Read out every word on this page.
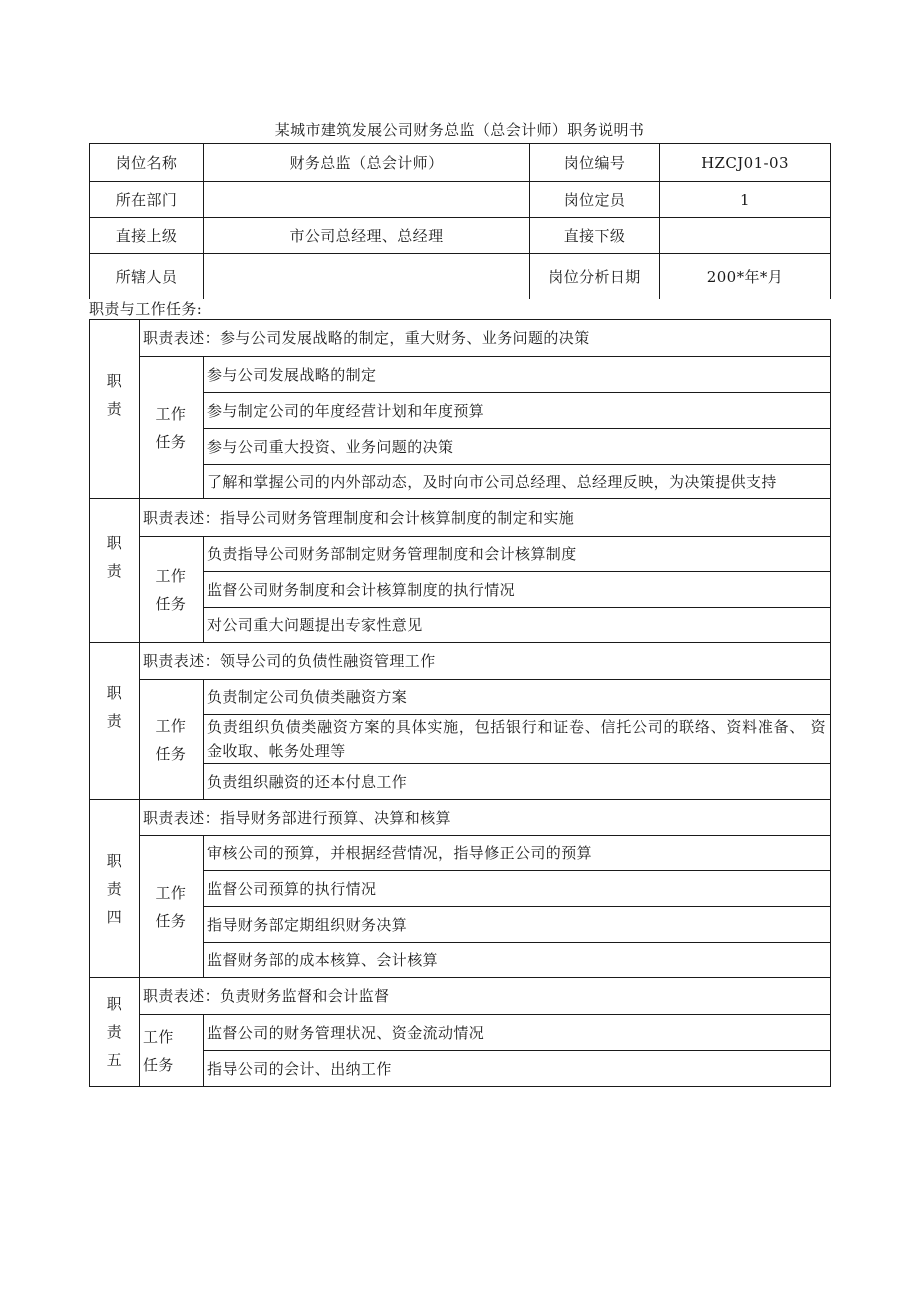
某城市建筑发展公司财务总监（总会计师）职务说明书
岗位名称	财务总监（总会计师）	岗位编号	HZCJ01-03
所在部门		岗位定员	1
直接上级	市公司总经理、总经理	直接下级	
所辖人员		岗位分析日期	200*年*月
职责与工作任务:
职责	职责表述：参与公司发展战略的制定，重大财务、业务问题的决策	
	工作任务	参与公司发展战略的制定
		参与制定公司的年度经营计划和年度预算
		参与公司重大投资、业务问题的决策
		了解和掌握公司的内外部动态，及时向市公司总经理、总经理反映，为决策提供支持
职责	职责表述：指导公司财务管理制度和会计核算制度的制定和实施	
	工作任务	负责指导公司财务部制定财务管理制度和会计核算制度
		监督公司财务制度和会计核算制度的执行情况
		对公司重大问题提出专家性意见
职责	职责表述：领导公司的负债性融资管理工作	
	工作任务	负责制定公司负债类融资方案
		负责组织负债类融资方案的具体实施，包括银行和证卷、信托公司的联络、资料准备、 资金收取、帐务处理等
		负责组织融资的还本付息工作
职责四	职责表述：指导财务部进行预算、决算和核算	
	工作任务	审核公司的预算，并根据经营情况，指导修正公司的预算
		监督公司预算的执行情况
		指导财务部定期组织财务决算
		监督财务部的成本核算、会计核算
职责五	职责表述：负责财务监督和会计监督	
	工作任务	监督公司的财务管理状况、资金流动情况
		指导公司的会计、出纳工作
